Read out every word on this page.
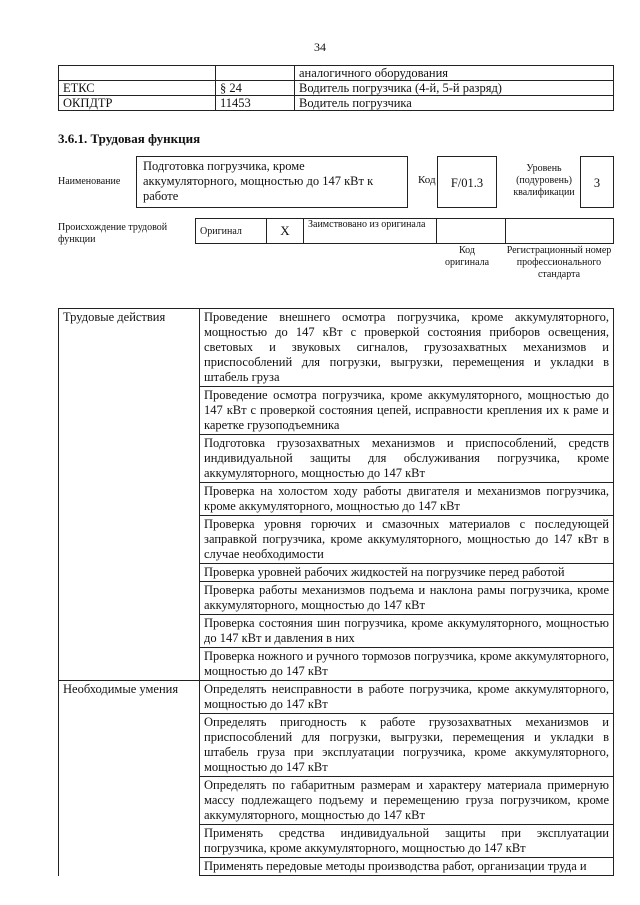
34
		аналогичного оборудования
ЕТКС	§ 24	Водитель погрузчика (4-й, 5-й разряд)
ОКПДТР	11453	Водитель погрузчика
3.6.1. Трудовая функция
Наименование
Подготовка погрузчика, кроме аккумуляторного, мощностью до 147 кВт к работе
Код	F/01.3
Уровень (подуровень) квалификации
3
Происхождение трудовой функции
Оригинал	X	Заимствовано из оригинала		
Код оригинала
Регистрационный номер профессионального стандарта
Трудовые действия	Проведение внешнего осмотра погрузчика, кроме аккумуляторного, мощностью до 147 кВт с проверкой состояния приборов освещения, световых и звуковых сигналов, грузозахватных механизмов и приспособлений для погрузки, выгрузки, перемещения и укладки в штабель груза
	Проведение осмотра погрузчика, кроме аккумуляторного, мощностью до 147 кВт с проверкой состояния цепей, исправности крепления их к раме и каретке грузоподъемника
	Подготовка грузозахватных механизмов и приспособлений, средств индивидуальной защиты для обслуживания погрузчика, кроме аккумуляторного, мощностью до 147 кВт
	Проверка на холостом ходу работы двигателя и механизмов погрузчика, кроме аккумуляторного, мощностью до 147 кВт
	Проверка уровня горючих и смазочных материалов с последующей заправкой погрузчика, кроме аккумуляторного, мощностью до 147 кВт в случае необходимости
	Проверка уровней рабочих жидкостей на погрузчике перед работой
	Проверка работы механизмов подъема и наклона рамы погрузчика, кроме аккумуляторного, мощностью до 147 кВт
	Проверка состояния шин погрузчика, кроме аккумуляторного, мощностью до 147 кВт и давления в них
	Проверка ножного и ручного тормозов погрузчика, кроме аккумуляторного, мощностью до 147 кВт
Необходимые умения	Определять неисправности в работе погрузчика, кроме аккумуляторного, мощностью до 147 кВт
	Определять пригодность к работе грузозахватных механизмов и приспособлений для погрузки, выгрузки, перемещения и укладки в штабель груза при эксплуатации погрузчика, кроме аккумуляторного, мощностью до 147 кВт
	Определять по габаритным размерам и характеру материала примерную массу подлежащего подъему и перемещению груза погрузчиком, кроме аккумуляторного, мощностью до 147 кВт
	Применять средства индивидуальной защиты при эксплуатации погрузчика, кроме аккумуляторного, мощностью до 147 кВт
	Применять передовые методы производства работ, организации труда и
